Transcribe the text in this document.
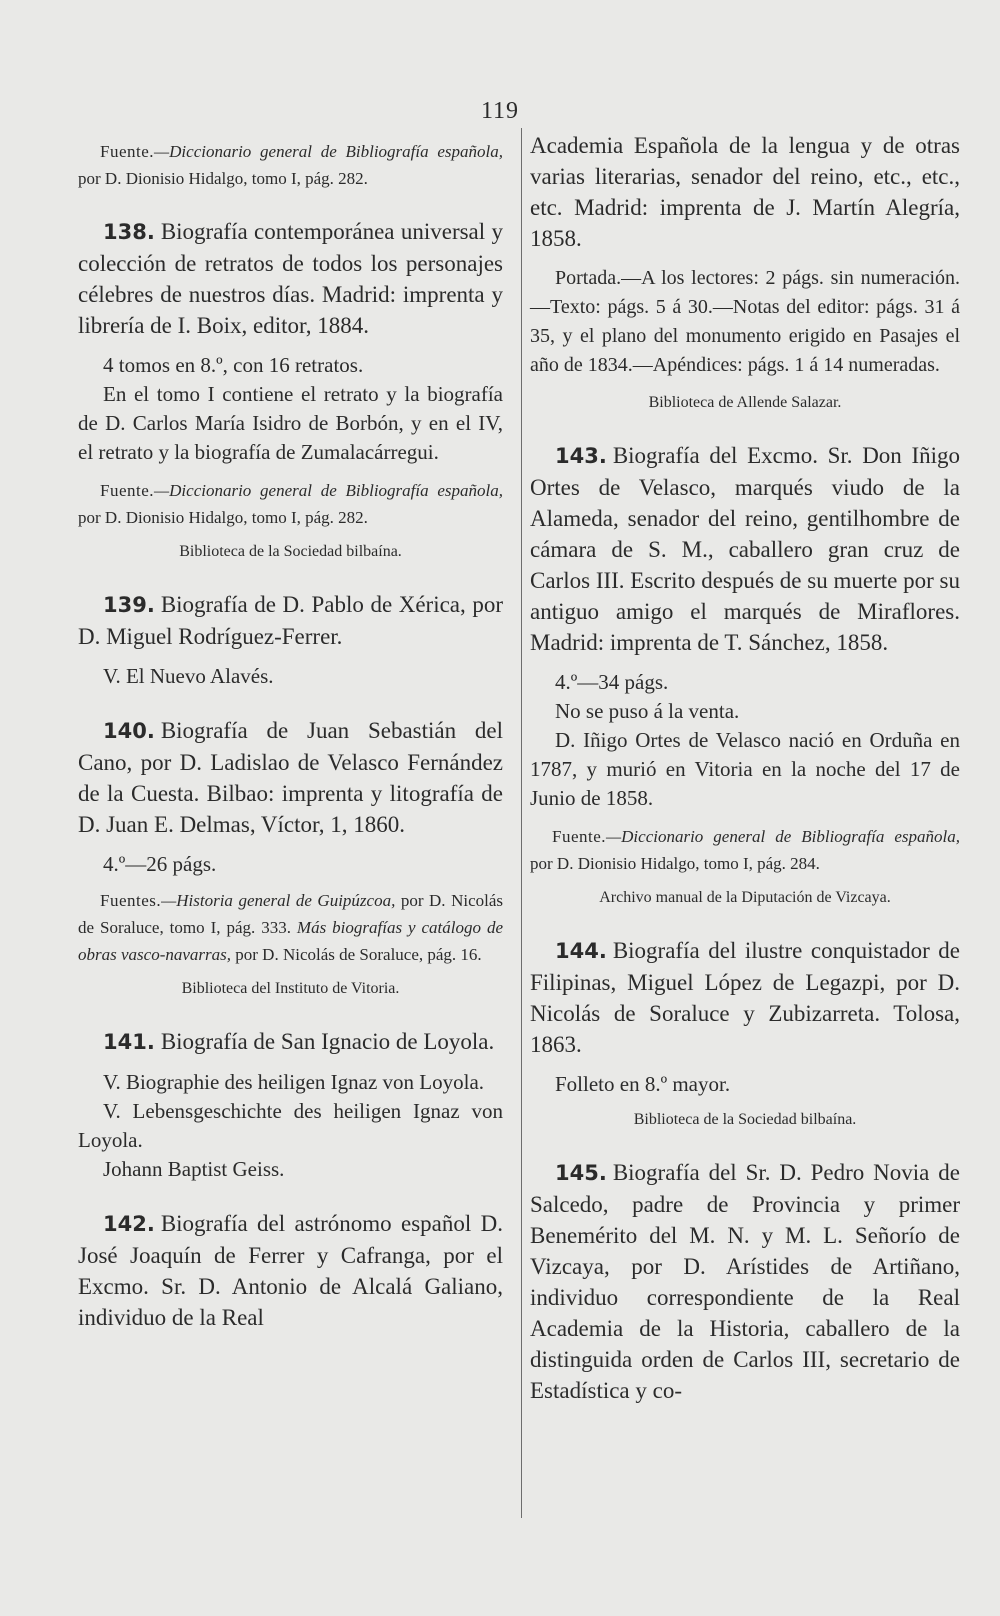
119

Fuente.—Diccionario general de Bibliografía española, por D. Dionisio Hidalgo, tomo I, pág. 282.

138. Biografía contemporánea universal y colección de retratos de todos los personajes célebres de nuestros días. Madrid: imprenta y librería de I. Boix, editor, 1884.

4 tomos en 8.º, con 16 retratos.

En el tomo I contiene el retrato y la biografía de D. Carlos María Isidro de Borbón, y en el IV, el retrato y la biografía de Zumalacárregui.

Fuente.—Diccionario general de Bibliografía española, por D. Dionisio Hidalgo, tomo I, pág. 282.

Biblioteca de la Sociedad bilbaína.

139. Biografía de D. Pablo de Xérica, por D. Miguel Rodríguez-Ferrer.

V. El Nuevo Alavés.

140. Biografía de Juan Sebastián del Cano, por D. Ladislao de Velasco Fernández de la Cuesta. Bilbao: imprenta y litografía de D. Juan E. Delmas, Víctor, 1, 1860.

4.º—26 págs.

Fuentes.—Historia general de Guipúzcoa, por D. Nicolás de Soraluce, tomo I, pág. 333. Más biografías y catálogo de obras vasco-navarras, por D. Nicolás de Soraluce, pág. 16.

Biblioteca del Instituto de Vitoria.

141. Biografía de San Ignacio de Loyola.

V. Biographie des heiligen Ignaz von Loyola.

V. Lebensgeschichte des heiligen Ignaz von Loyola.

Johann Baptist Geiss.

142. Biografía del astrónomo español D. José Joaquín de Ferrer y Cafranga, por el Excmo. Sr. D. Antonio de Alcalá Galiano, individuo de la Real

Academia Española de la lengua y de otras varias literarias, senador del reino, etc., etc., etc. Madrid: imprenta de J. Martín Alegría, 1858.

Portada.—A los lectores: 2 págs. sin numeración.—Texto: págs. 5 á 30.—Notas del editor: págs. 31 á 35, y el plano del monumento erigido en Pasajes el año de 1834.—Apéndices: págs. 1 á 14 numeradas.

Biblioteca de Allende Salazar.

143. Biografía del Excmo. Sr. Don Iñigo Ortes de Velasco, marqués viudo de la Alameda, senador del reino, gentilhombre de cámara de S. M., caballero gran cruz de Carlos III. Escrito después de su muerte por su antiguo amigo el marqués de Miraflores. Madrid: imprenta de T. Sánchez, 1858.

4.º—34 págs.

No se puso á la venta.

D. Iñigo Ortes de Velasco nació en Orduña en 1787, y murió en Vitoria en la noche del 17 de Junio de 1858.

Fuente.—Diccionario general de Bibliografía española, por D. Dionisio Hidalgo, tomo I, pág. 284.

Archivo manual de la Diputación de Vizcaya.

144. Biografía del ilustre conquistador de Filipinas, Miguel López de Legazpi, por D. Nicolás de Soraluce y Zubizarreta. Tolosa, 1863.

Folleto en 8.º mayor.

Biblioteca de la Sociedad bilbaína.

145. Biografía del Sr. D. Pedro Novia de Salcedo, padre de Provincia y primer Benemérito del M. N. y M. L. Señorío de Vizcaya, por D. Arístides de Artiñano, individuo correspondiente de la Real Academia de la Historia, caballero de la distinguida orden de Carlos III, secretario de Estadística y co-
